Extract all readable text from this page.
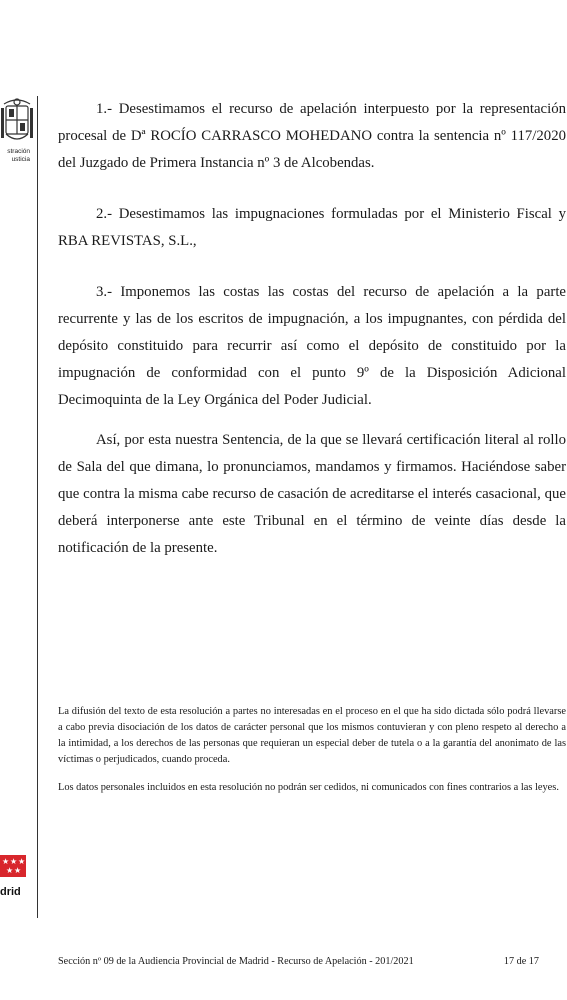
stración
usticia
★ ★ ★
★ ★
drid
1.- Desestimamos el recurso de apelación interpuesto por la representación procesal de Dª ROCÍO CARRASCO MOHEDANO contra la sentencia nº 117/2020 del Juzgado de Primera Instancia nº 3 de Alcobendas.
2.- Desestimamos las impugnaciones formuladas por el Ministerio Fiscal y RBA REVISTAS, S.L.,
3.- Imponemos las costas las costas del recurso de apelación a la parte recurrente y las de los escritos de impugnación, a los impugnantes, con pérdida del depósito constituido para recurrir así como el depósito de constituido por la impugnación de conformidad con el punto 9º de la Disposición Adicional Decimoquinta de la Ley Orgánica del Poder Judicial.
Así, por esta nuestra Sentencia, de la que se llevará certificación literal al rollo de Sala del que dimana, lo pronunciamos, mandamos y firmamos. Haciéndose saber que contra la misma cabe recurso de casación de acreditarse el interés casacional, que deberá interponerse ante este Tribunal en el término de veinte días desde la notificación de la presente.
La difusión del texto de esta resolución a partes no interesadas en el proceso en el que ha sido dictada sólo podrá llevarse a cabo previa disociación de los datos de carácter personal que los mismos contuvieran y con pleno respeto al derecho a la intimidad, a los derechos de las personas que requieran un especial deber de tutela o a la garantía del anonimato de las víctimas o perjudicados, cuando proceda.
Los datos personales incluidos en esta resolución no podrán ser cedidos, ni comunicados con fines contrarios a las leyes.
Sección nº 09 de la Audiencia Provincial de Madrid - Recurso de Apelación - 201/2021	17 de 17
